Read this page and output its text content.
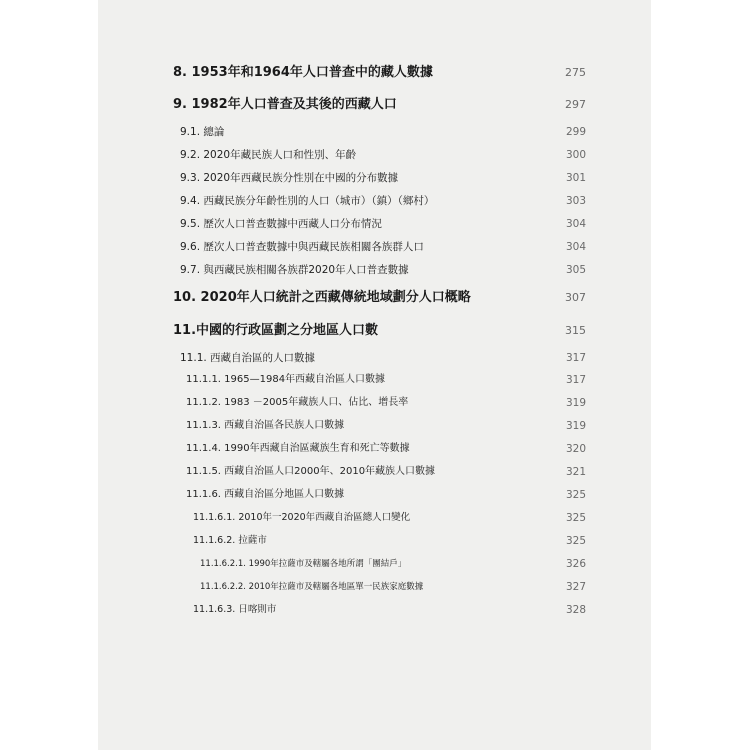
8. 1953年和1964年人口普查中的藏人數據	275
9. 1982年人口普查及其後的西藏人口	297
9.1. 總論	299
9.2. 2020年藏民族人口和性別、年齡	300
9.3. 2020年西藏民族分性別在中國的分布數據	301
9.4. 西藏民族分年齡性別的人口（城市）（鎮）（鄉村）	303
9.5. 歷次人口普查數據中西藏人口分布情況	304
9.6. 歷次人口普查數據中與西藏民族相關各族群人口	304
9.7. 與西藏民族相關各族群2020年人口普查數據	305
10. 2020年人口統計之西藏傳統地域劃分人口概略	307
11.中國的行政區劃之分地區人口數	315
11.1. 西藏自治區的人口數據	317
11.1.1. 1965—1984年西藏自治區人口數據	317
11.1.2. 1983 －2005年藏族人口、佔比、增長率	319
11.1.3. 西藏自治區各民族人口數據	319
11.1.4. 1990年西藏自治區藏族生育和死亡等數據	320
11.1.5. 西藏自治區人口2000年、2010年藏族人口數據	321
11.1.6. 西藏自治區分地區人口數據	325
11.1.6.1. 2010年一2020年西藏自治區總人口變化	325
11.1.6.2. 拉薩市	325
11.1.6.2.1. 1990年拉薩市及轄屬各地所謂「團結戶」	326
11.1.6.2.2. 2010年拉薩市及轄屬各地區單一民族家庭數據	327
11.1.6.3. 日喀則市	328
